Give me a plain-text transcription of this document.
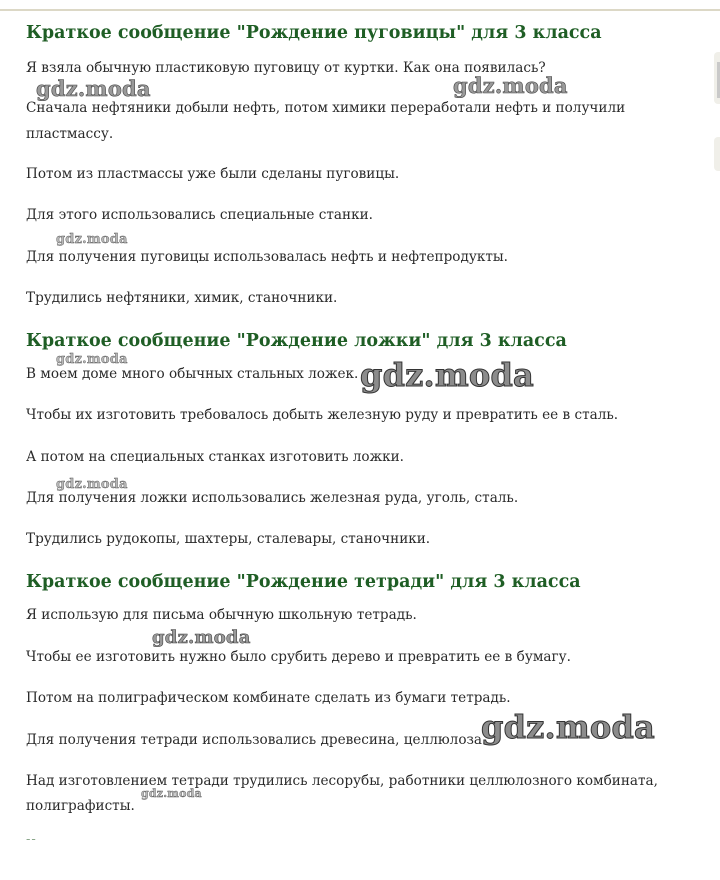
Краткое сообщение "Рождение пуговицы" для 3 класса

Я взяла обычную пластиковую пуговицу от куртки. Как она появилась?

Сначала нефтяники добыли нефть, потом химики переработали нефть и получили пластмассу.

Потом из пластмассы уже были сделаны пуговицы.

Для этого использовались специальные станки.

Для получения пуговицы использовалась нефть и нефтепродукты.

Трудились нефтяники, химик, станочники.

Краткое сообщение "Рождение ложки" для 3 класса

В моем доме много обычных стальных ложек.

Чтобы их изготовить требовалось добыть железную руду и превратить ее в сталь.

А потом на специальных станках изготовить ложки.

Для получения ложки использовались железная руда, уголь, сталь.

Трудились рудокопы, шахтеры, сталевары, станочники.

Краткое сообщение "Рождение тетради" для 3 класса

Я использую для письма обычную школьную тетрадь.

Чтобы ее изготовить нужно было срубить дерево и превратить ее в бумагу.

Потом на полиграфическом комбинате сделать из бумаги тетрадь.

Для получения тетради использовались древесина, целлюлоза.

Над изготовлением тетради трудились лесорубы, работники целлюлозного комбината, полиграфисты.

--
gdz.moda	gdz.moda
gdz.moda
gdz.moda	gdz.moda
gdz.moda
gdz.moda
gdz.moda
gdz.moda
